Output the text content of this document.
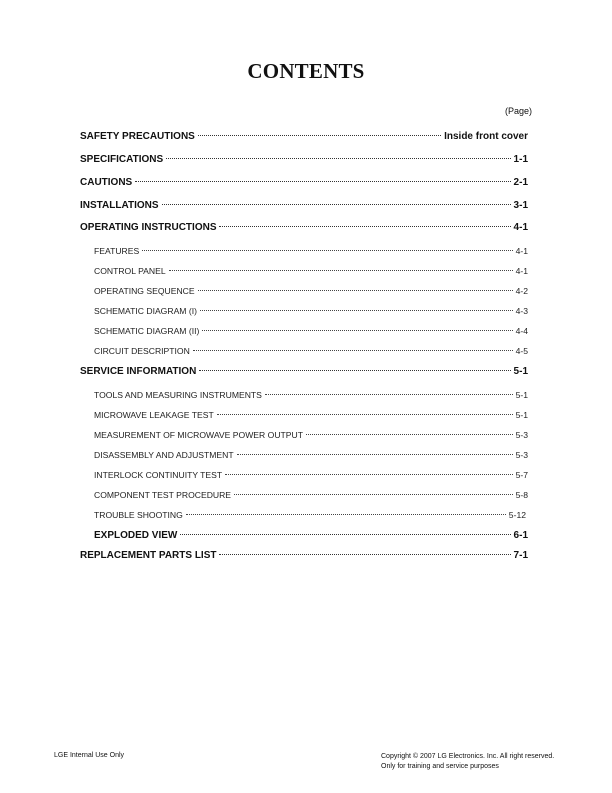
CONTENTS
(Page)
SAFETY PRECAUTIONS	Inside front cover
SPECIFICATIONS	1-1
CAUTIONS	2-1
INSTALLATIONS	3-1
OPERATING INSTRUCTIONS	4-1
FEATURES	4-1
CONTROL PANEL	4-1
OPERATING SEQUENCE	4-2
SCHEMATIC DIAGRAM (I)	4-3
SCHEMATIC DIAGRAM (II)	4-4
CIRCUIT DESCRIPTION	4-5
SERVICE INFORMATION	5-1
TOOLS AND MEASURING INSTRUMENTS	5-1
MICROWAVE LEAKAGE TEST	5-1
MEASUREMENT OF MICROWAVE POWER OUTPUT	5-3
DISASSEMBLY AND ADJUSTMENT	5-3
INTERLOCK CONTINUITY TEST	5-7
COMPONENT TEST PROCEDURE	5-8
TROUBLE SHOOTING	5-12
EXPLODED VIEW	6-1
REPLACEMENT PARTS LIST	7-1
LGE Internal Use Only	Copyright © 2007 LG Electronics. Inc. All right reserved.
Only for training and service purposes
